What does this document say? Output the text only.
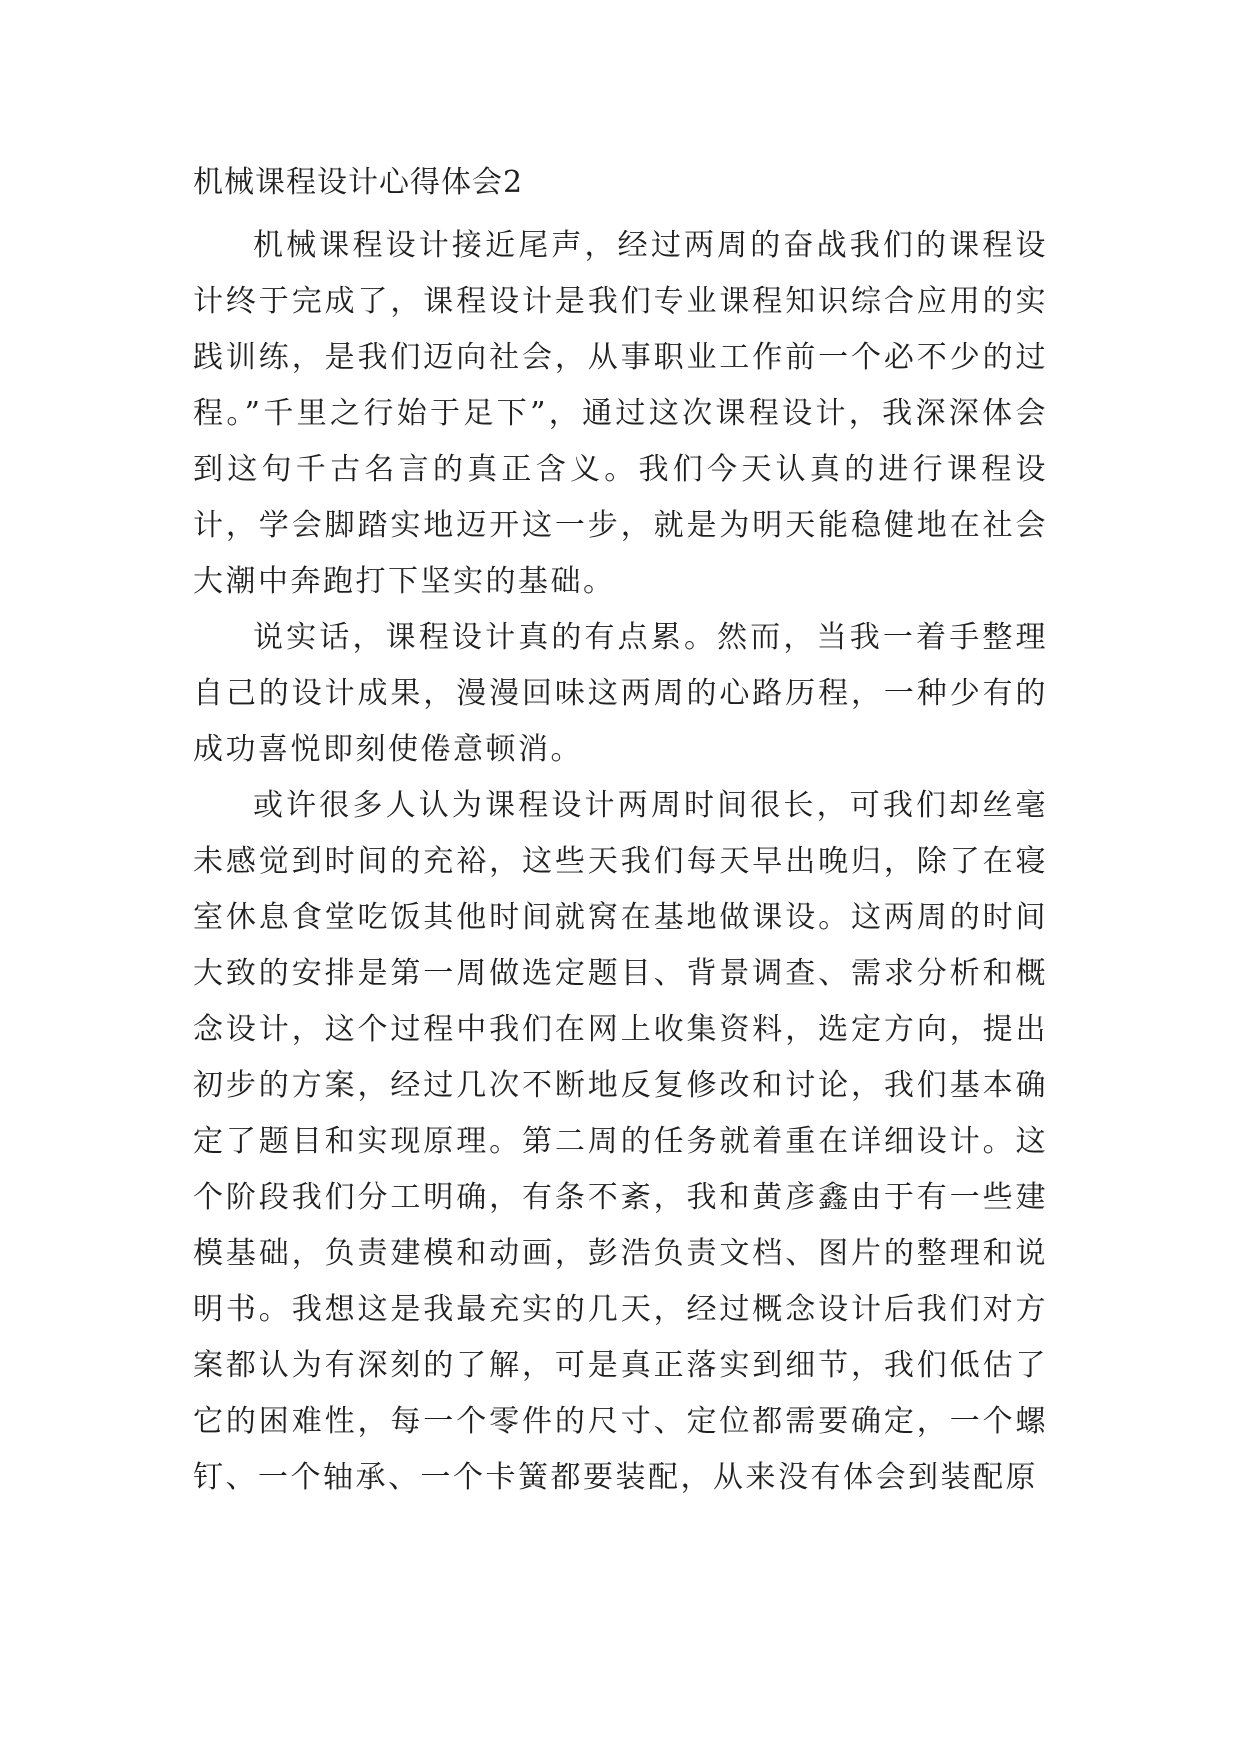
机械课程设计心得体会2

机械课程设计接近尾声，经过两周的奋战我们的课程设计终于完成了，课程设计是我们专业课程知识综合应用的实践训练，是我们迈向社会，从事职业工作前一个必不少的过程。”千里之行始于足下”，通过这次课程设计，我深深体会到这句千古名言的真正含义。我们今天认真的进行课程设计，学会脚踏实地迈开这一步，就是为明天能稳健地在社会大潮中奔跑打下坚实的基础。

说实话，课程设计真的有点累。然而，当我一着手整理自己的设计成果，漫漫回味这两周的心路历程，一种少有的成功喜悦即刻使倦意顿消。

或许很多人认为课程设计两周时间很长，可我们却丝毫未感觉到时间的充裕，这些天我们每天早出晚归，除了在寝室休息食堂吃饭其他时间就窝在基地做课设。这两周的时间大致的安排是第一周做选定题目、背景调查、需求分析和概念设计，这个过程中我们在网上收集资料，选定方向，提出初步的方案，经过几次不断地反复修改和讨论，我们基本确定了题目和实现原理。第二周的任务就着重在详细设计。这个阶段我们分工明确，有条不紊，我和黄彦鑫由于有一些建模基础，负责建模和动画，彭浩负责文档、图片的整理和说明书。我想这是我最充实的几天，经过概念设计后我们对方案都认为有深刻的了解，可是真正落实到细节，我们低估了它的困难性，每一个零件的尺寸、定位都需要确定，一个螺钉、一个轴承、一个卡簧都要装配，从来没有体会到装配原
